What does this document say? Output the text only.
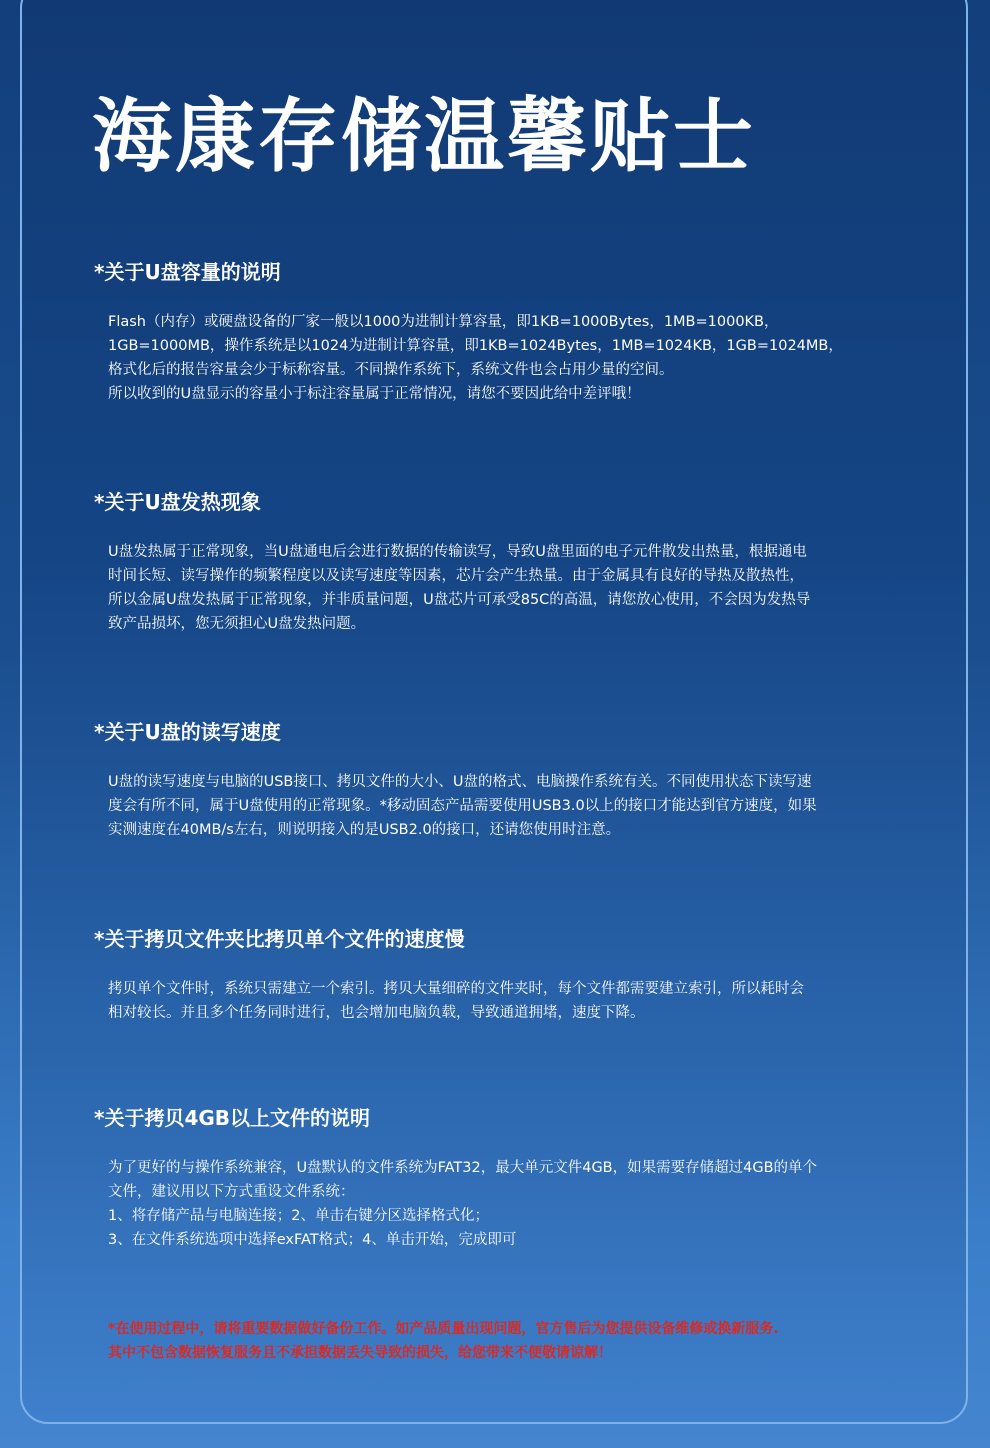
海康存储温馨贴士
*关于U盘容量的说明
Flash（内存）或硬盘设备的厂家一般以1000为进制计算容量，即1KB=1000Bytes，1MB=1000KB，
1GB=1000MB，操作系统是以1024为进制计算容量，即1KB=1024Bytes，1MB=1024KB，1GB=1024MB，
格式化后的报告容量会少于标称容量。不同操作系统下，系统文件也会占用少量的空间。
所以收到的U盘显示的容量小于标注容量属于正常情况，请您不要因此给中差评哦！
*关于U盘发热现象
U盘发热属于正常现象，当U盘通电后会进行数据的传输读写，导致U盘里面的电子元件散发出热量，根据通电
时间长短、读写操作的频繁程度以及读写速度等因素，芯片会产生热量。由于金属具有良好的导热及散热性，
所以金属U盘发热属于正常现象，并非质量问题，U盘芯片可承受85C的高温，请您放心使用，不会因为发热导
致产品损坏，您无须担心U盘发热问题。
*关于U盘的读写速度
U盘的读写速度与电脑的USB接口、拷贝文件的大小、U盘的格式、电脑操作系统有关。不同使用状态下读写速
度会有所不同，属于U盘使用的正常现象。*移动固态产品需要使用USB3.0以上的接口才能达到官方速度，如果
实测速度在40MB/s左右，则说明接入的是USB2.0的接口，还请您使用时注意。
*关于拷贝文件夹比拷贝单个文件的速度慢
拷贝单个文件时，系统只需建立一个索引。拷贝大量细碎的文件夹时，每个文件都需要建立索引，所以耗时会
相对较长。并且多个任务同时进行，也会增加电脑负载，导致通道拥堵，速度下降。
*关于拷贝4GB以上文件的说明
为了更好的与操作系统兼容，U盘默认的文件系统为FAT32，最大单元文件4GB，如果需要存储超过4GB的单个
文件，建议用以下方式重设文件系统：
1、将存储产品与电脑连接；2、单击右键分区选择格式化；
3、在文件系统选项中选择exFAT格式；4、单击开始，完成即可
*在使用过程中，请将重要数据做好备份工作。如产品质量出现问题，官方售后为您提供设备维修或换新服务.
其中不包含数据恢复服务且不承担数据丢失导致的损失，给您带来不便敬请谅解！
